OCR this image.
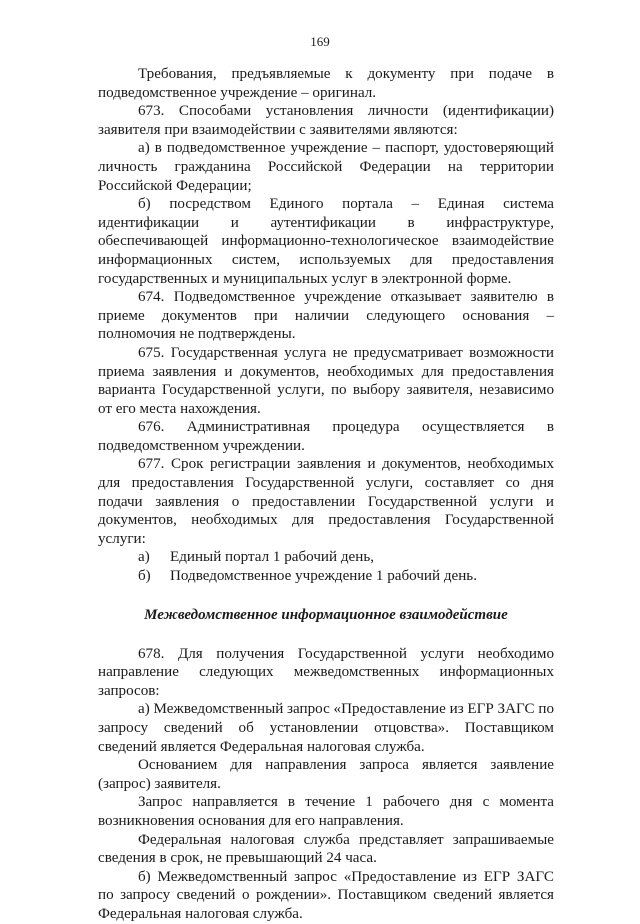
169

Требования, предъявляемые к документу при подаче в подведомственное учреждение – оригинал.

673. Способами установления личности (идентификации) заявителя при взаимодействии с заявителями являются:

а) в подведомственное учреждение – паспорт, удостоверяющий личность гражданина Российской Федерации на территории Российской Федерации;

б) посредством Единого портала – Единая система идентификации и аутентификации в инфраструктуре, обеспечивающей информационно-технологическое взаимодействие информационных систем, используемых для предоставления государственных и муниципальных услуг в электронной форме.

674. Подведомственное учреждение отказывает заявителю в приеме документов при наличии следующего основания – полномочия не подтверждены.

675. Государственная услуга не предусматривает возможности приема заявления и документов, необходимых для предоставления варианта Государственной услуги, по выбору заявителя, независимо от его места нахождения.

676. Административная процедура осуществляется в подведомственном учреждении.

677. Срок регистрации заявления и документов, необходимых для предоставления Государственной услуги, составляет со дня подачи заявления о предоставлении Государственной услуги и документов, необходимых для предоставления Государственной услуги:

а) Единый портал 1 рабочий день,

б) Подведомственное учреждение 1 рабочий день.

Межведомственное информационное взаимодействие

678. Для получения Государственной услуги необходимо направление следующих межведомственных информационных запросов:

а) Межведомственный запрос «Предоставление из ЕГР ЗАГС по запросу сведений об установлении отцовства». Поставщиком сведений является Федеральная налоговая служба.

Основанием для направления запроса является заявление (запрос) заявителя.

Запрос направляется в течение 1 рабочего дня с момента возникновения основания для его направления.

Федеральная налоговая служба представляет запрашиваемые сведения в срок, не превышающий 24 часа.

б) Межведомственный запрос «Предоставление из ЕГР ЗАГС по запросу сведений о рождении». Поставщиком сведений является Федеральная налоговая служба.
